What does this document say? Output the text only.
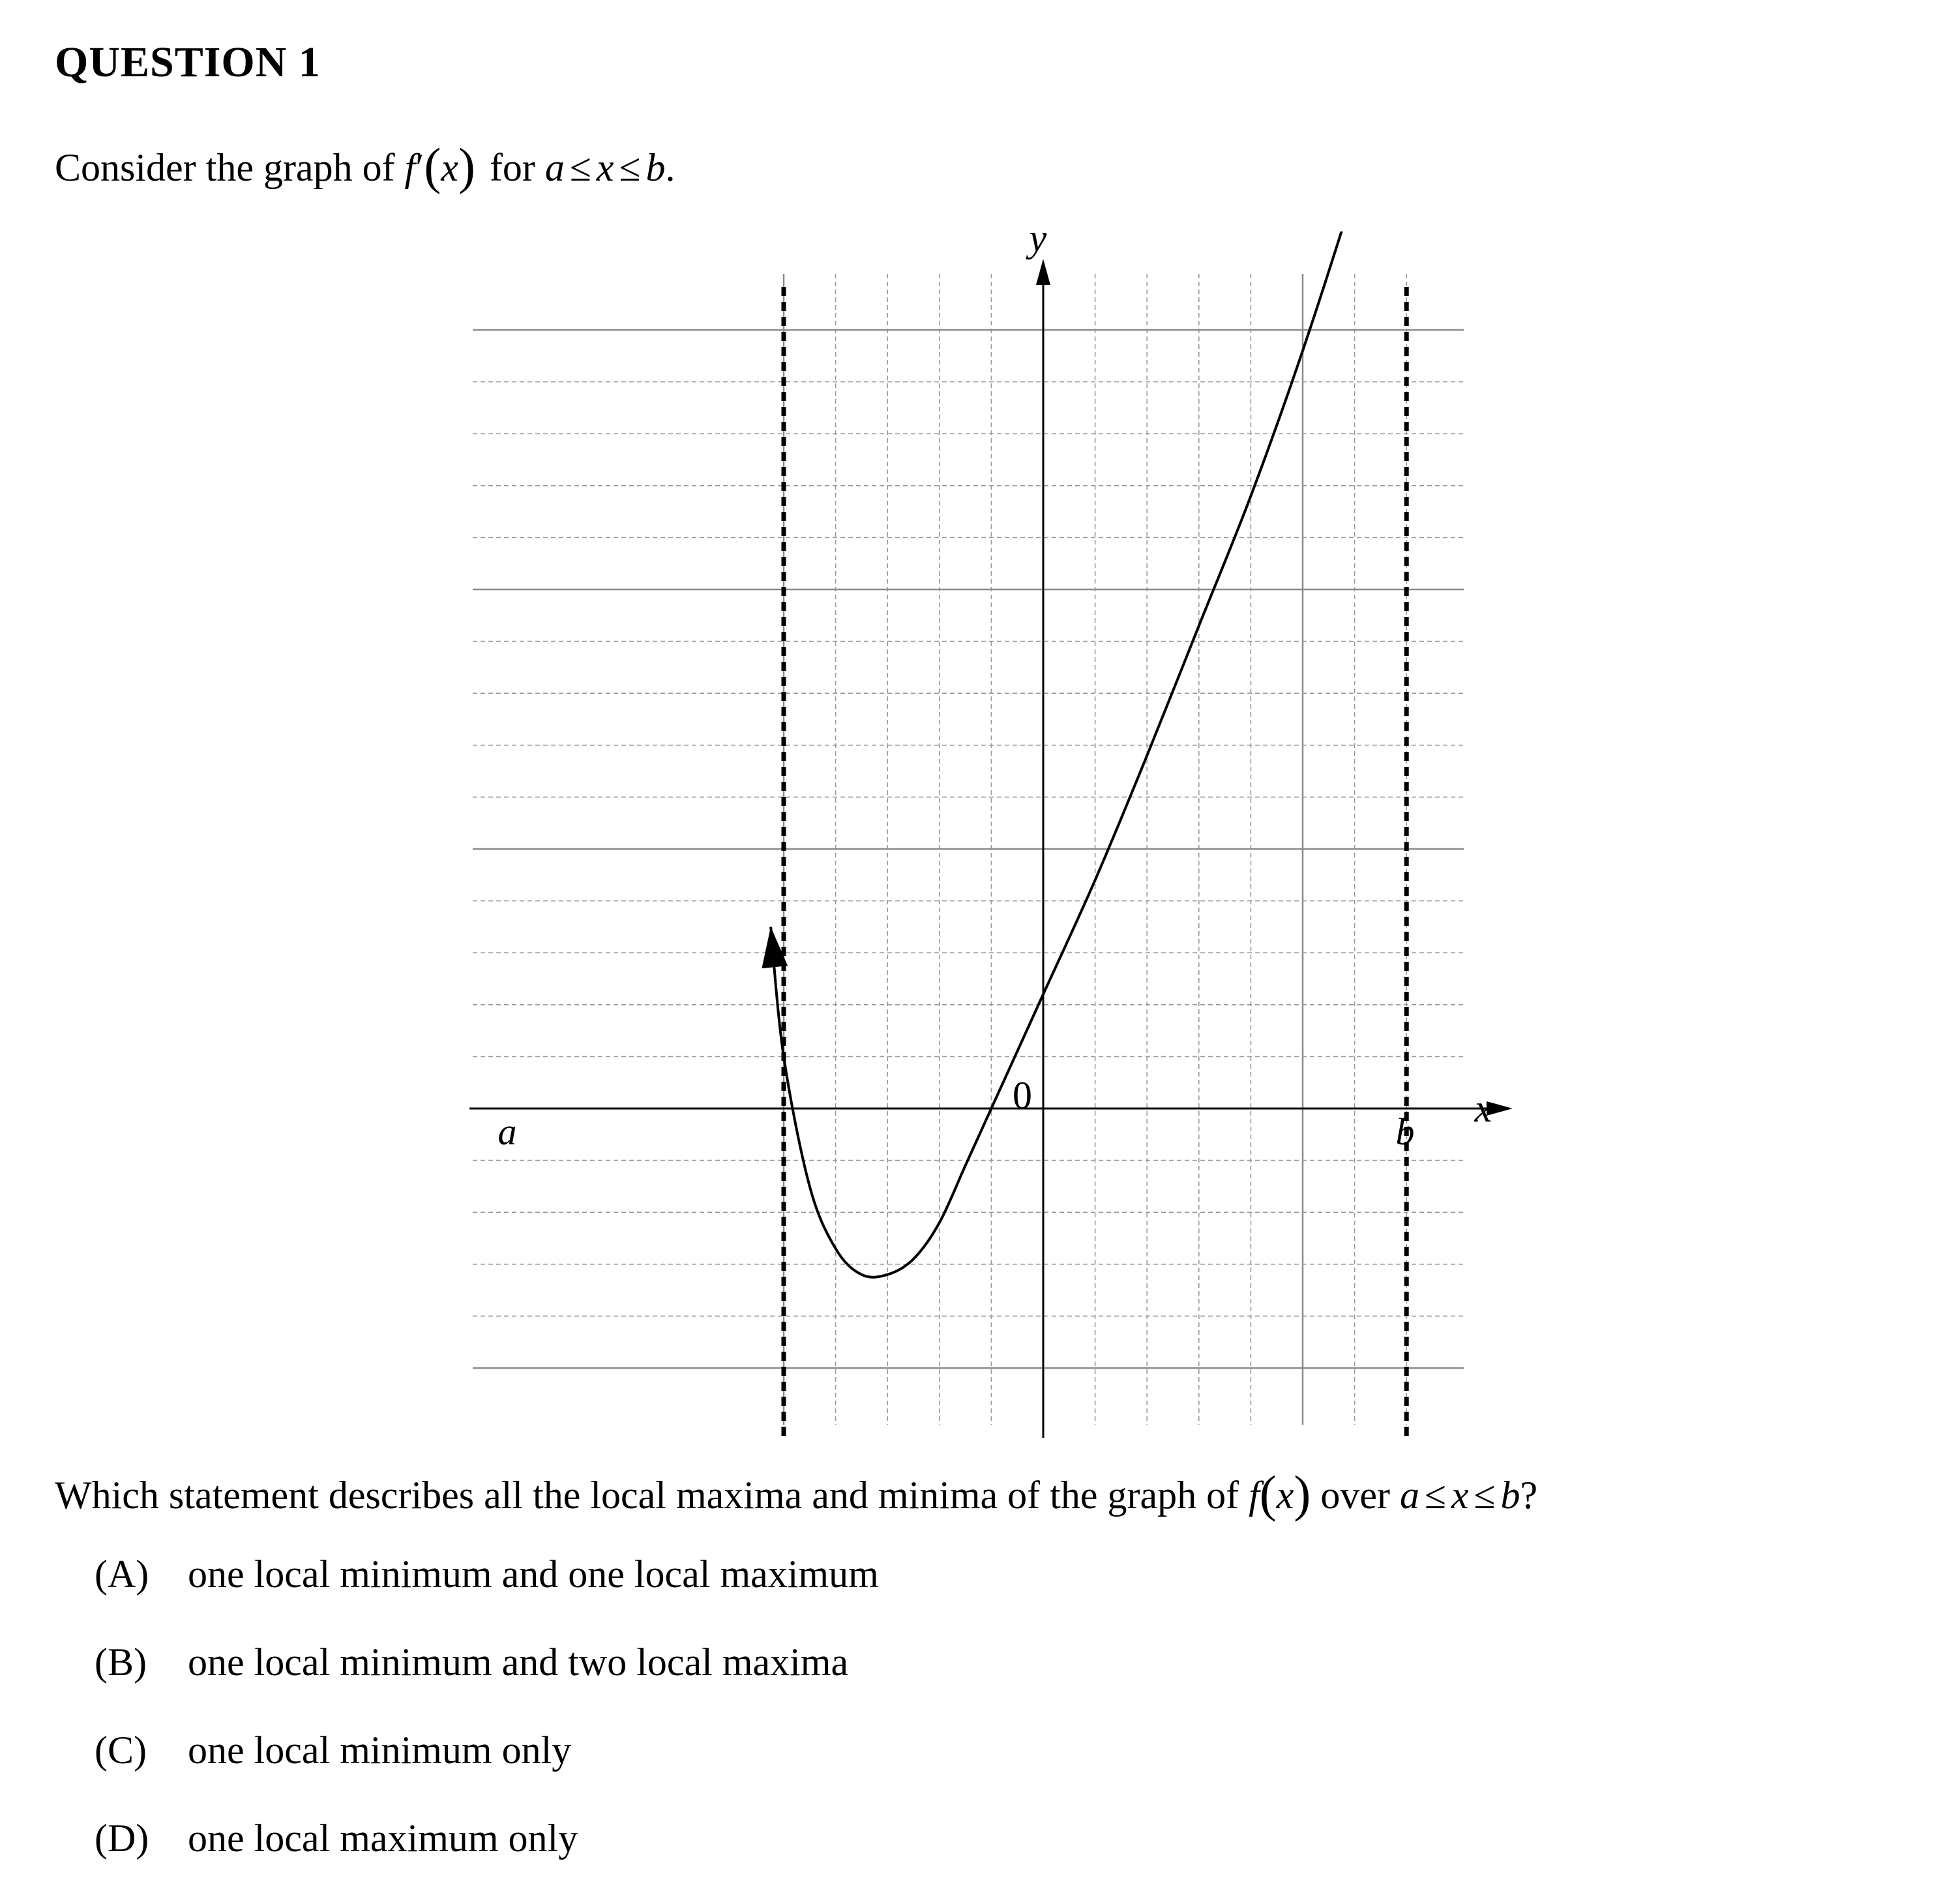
QUESTION 1

Consider the graph of f′(x) for a ≤ x ≤ b.

y
x
0
a	b

Which statement describes all the local maxima and minima of the graph of f(x) over a ≤ x ≤ b?

(A) one local minimum and one local maximum
(B) one local minimum and two local maxima
(C) one local minimum only
(D) one local maximum only
